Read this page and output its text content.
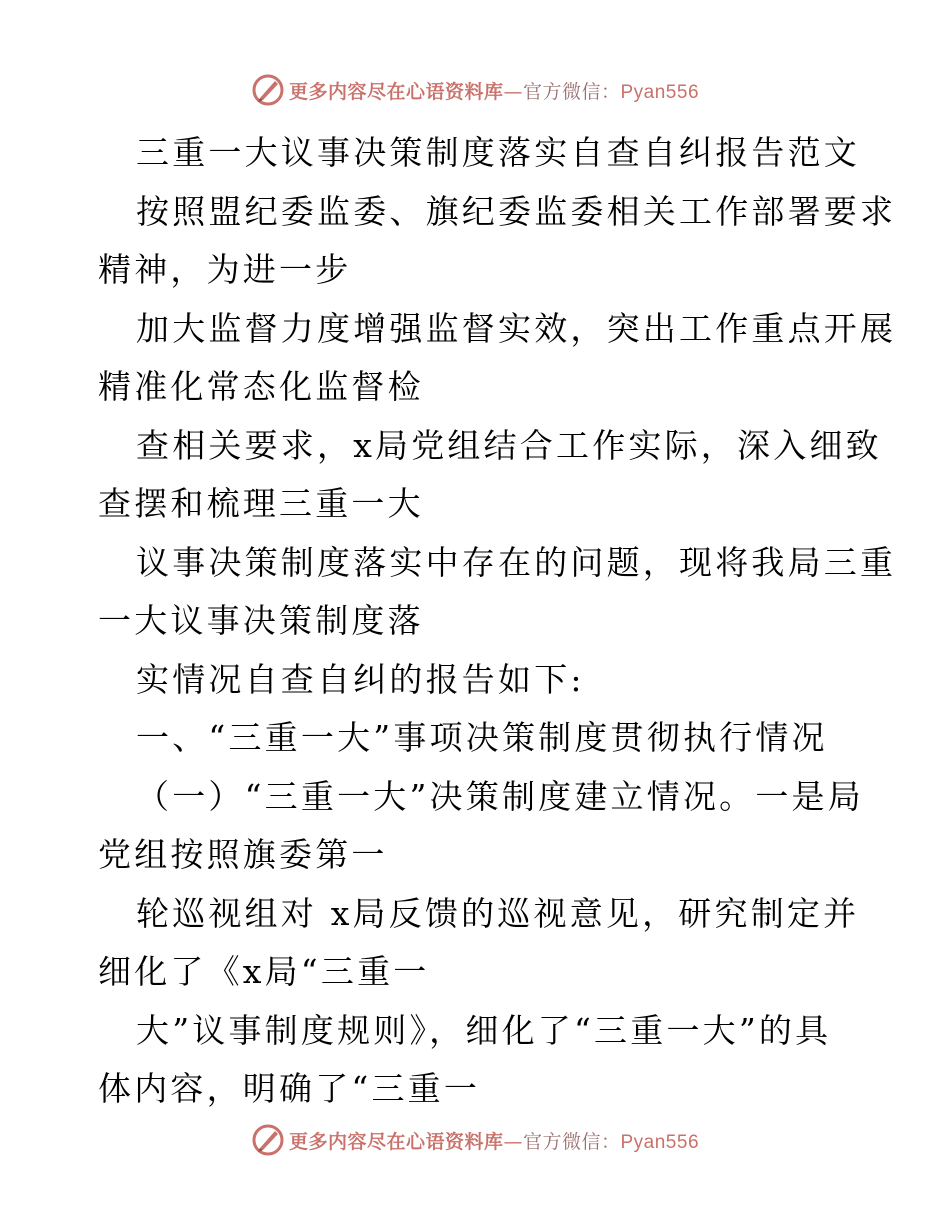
更多内容尽在心语资料库—官方微信：Pyan556
三重一大议事决策制度落实自查自纠报告范文
按照盟纪委监委、旗纪委监委相关工作部署要求
精神，为进一步
加大监督力度增强监督实效，突出工作重点开展
精准化常态化监督检
查相关要求，x局党组结合工作实际，深入细致
查摆和梳理三重一大
议事决策制度落实中存在的问题，现将我局三重
一大议事决策制度落
实情况自查自纠的报告如下:
一、“三重一大”事项决策制度贯彻执行情况
（一）“三重一大”决策制度建立情况。一是局
党组按照旗委第一
轮巡视组对 x局反馈的巡视意见，研究制定并
细化了《x局“三重一
大”议事制度规则》，细化了“三重一大”的具
体内容，明确了“三重一
更多内容尽在心语资料库—官方微信：Pyan556
